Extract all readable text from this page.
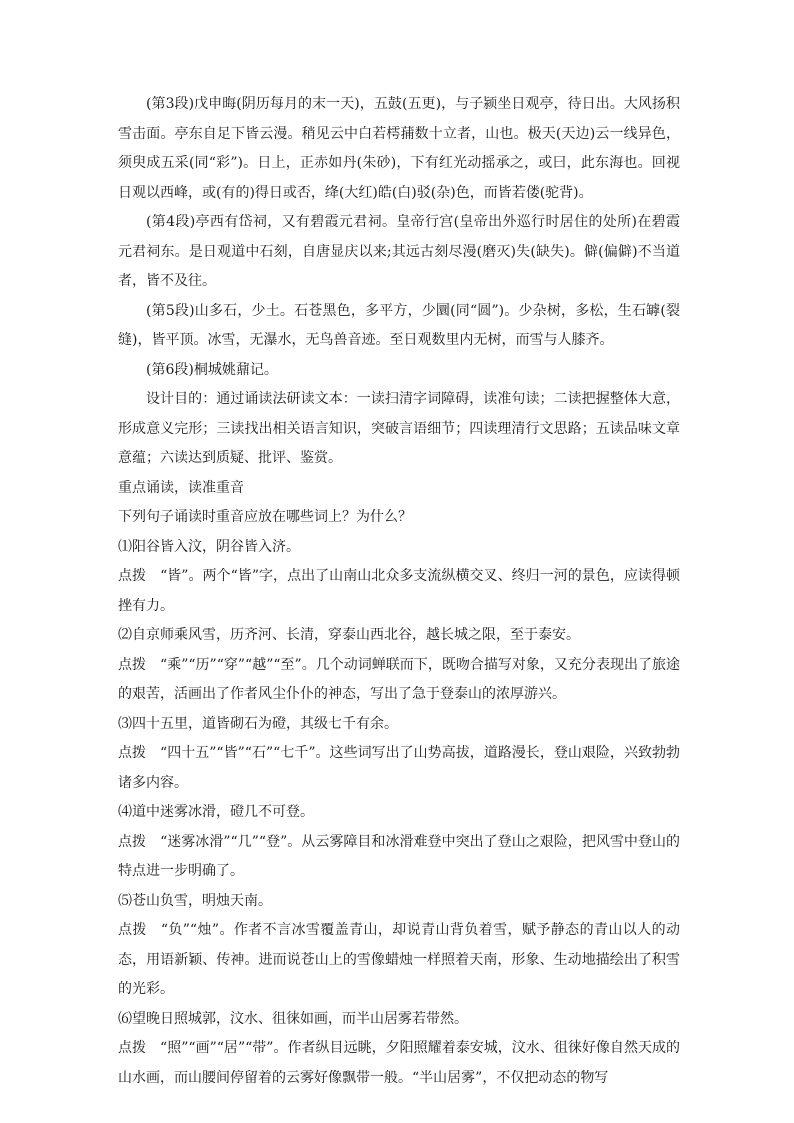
(第3段)戊申晦(阴历每月的末一天)，五鼓(五更)，与子颍坐日观亭，待日出。大风扬积雪击面。亭东自足下皆云漫。稍见云中白若樗蒱数十立者，山也。极天(天边)云一线异色，须臾成五采(同“彩”)。日上，正赤如丹(朱砂)，下有红光动摇承之，或曰，此东海也。回视日观以西峰，或(有的)得日或否，绛(大红)皓(白)驳(杂)色，而皆若偻(驼背)。

(第4段)亭西有岱祠，又有碧霞元君祠。皇帝行宫(皇帝出外巡行时居住的处所)在碧霞元君祠东。是日观道中石刻，自唐显庆以来;其远古刻尽漫(磨灭)失(缺失)。僻(偏僻)不当道者，皆不及往。

(第5段)山多石，少土。石苍黑色，多平方，少圜(同“圆”)。少杂树，多松，生石罅(裂缝)，皆平顶。冰雪，无瀑水，无鸟兽音迹。至日观数里内无树，而雪与人膝齐。

(第6段)桐城姚鼐记。

设计目的：通过诵读法研读文本：一读扫清字词障碍，读准句读；二读把握整体大意，形成意义完形；三读找出相关语言知识，突破言语细节；四读理清行文思路；五读品味文章意蕴；六读达到质疑、批评、鉴赏。

重点诵读，读准重音

下列句子诵读时重音应放在哪些词上？为什么？

⑴阳谷皆入汶，阴谷皆入济。

点拨 “皆”。两个“皆”字，点出了山南山北众多支流纵横交叉、终归一河的景色，应读得顿挫有力。

⑵自京师乘风雪，历齐河、长清，穿泰山西北谷，越长城之限，至于泰安。

点拨 “乘”“历”“穿”“越”“至”。几个动词蝉联而下，既吻合描写对象，又充分表现出了旅途的艰苦，活画出了作者风尘仆仆的神态，写出了急于登泰山的浓厚游兴。

⑶四十五里，道皆砌石为磴，其级七千有余。

点拨 “四十五”“皆”“石”“七千”。这些词写出了山势高拔，道路漫长，登山艰险，兴致勃勃诸多内容。

⑷道中迷雾冰滑，磴几不可登。

点拨 “迷雾冰滑”“几”“登”。从云雾障目和冰滑难登中突出了登山之艰险，把风雪中登山的特点进一步明确了。

⑸苍山负雪，明烛天南。

点拨 “负”“烛”。作者不言冰雪覆盖青山，却说青山背负着雪，赋予静态的青山以人的动态，用语新颖、传神。进而说苍山上的雪像蜡烛一样照着天南，形象、生动地描绘出了积雪的光彩。

⑹望晚日照城郭，汶水、徂徕如画，而半山居雾若带然。

点拨 “照”“画”“居”“带”。作者纵目远眺，夕阳照耀着泰安城，汶水、徂徕好像自然天成的山水画，而山腰间停留着的云雾好像飘带一般。“半山居雾”，不仅把动态的物写
